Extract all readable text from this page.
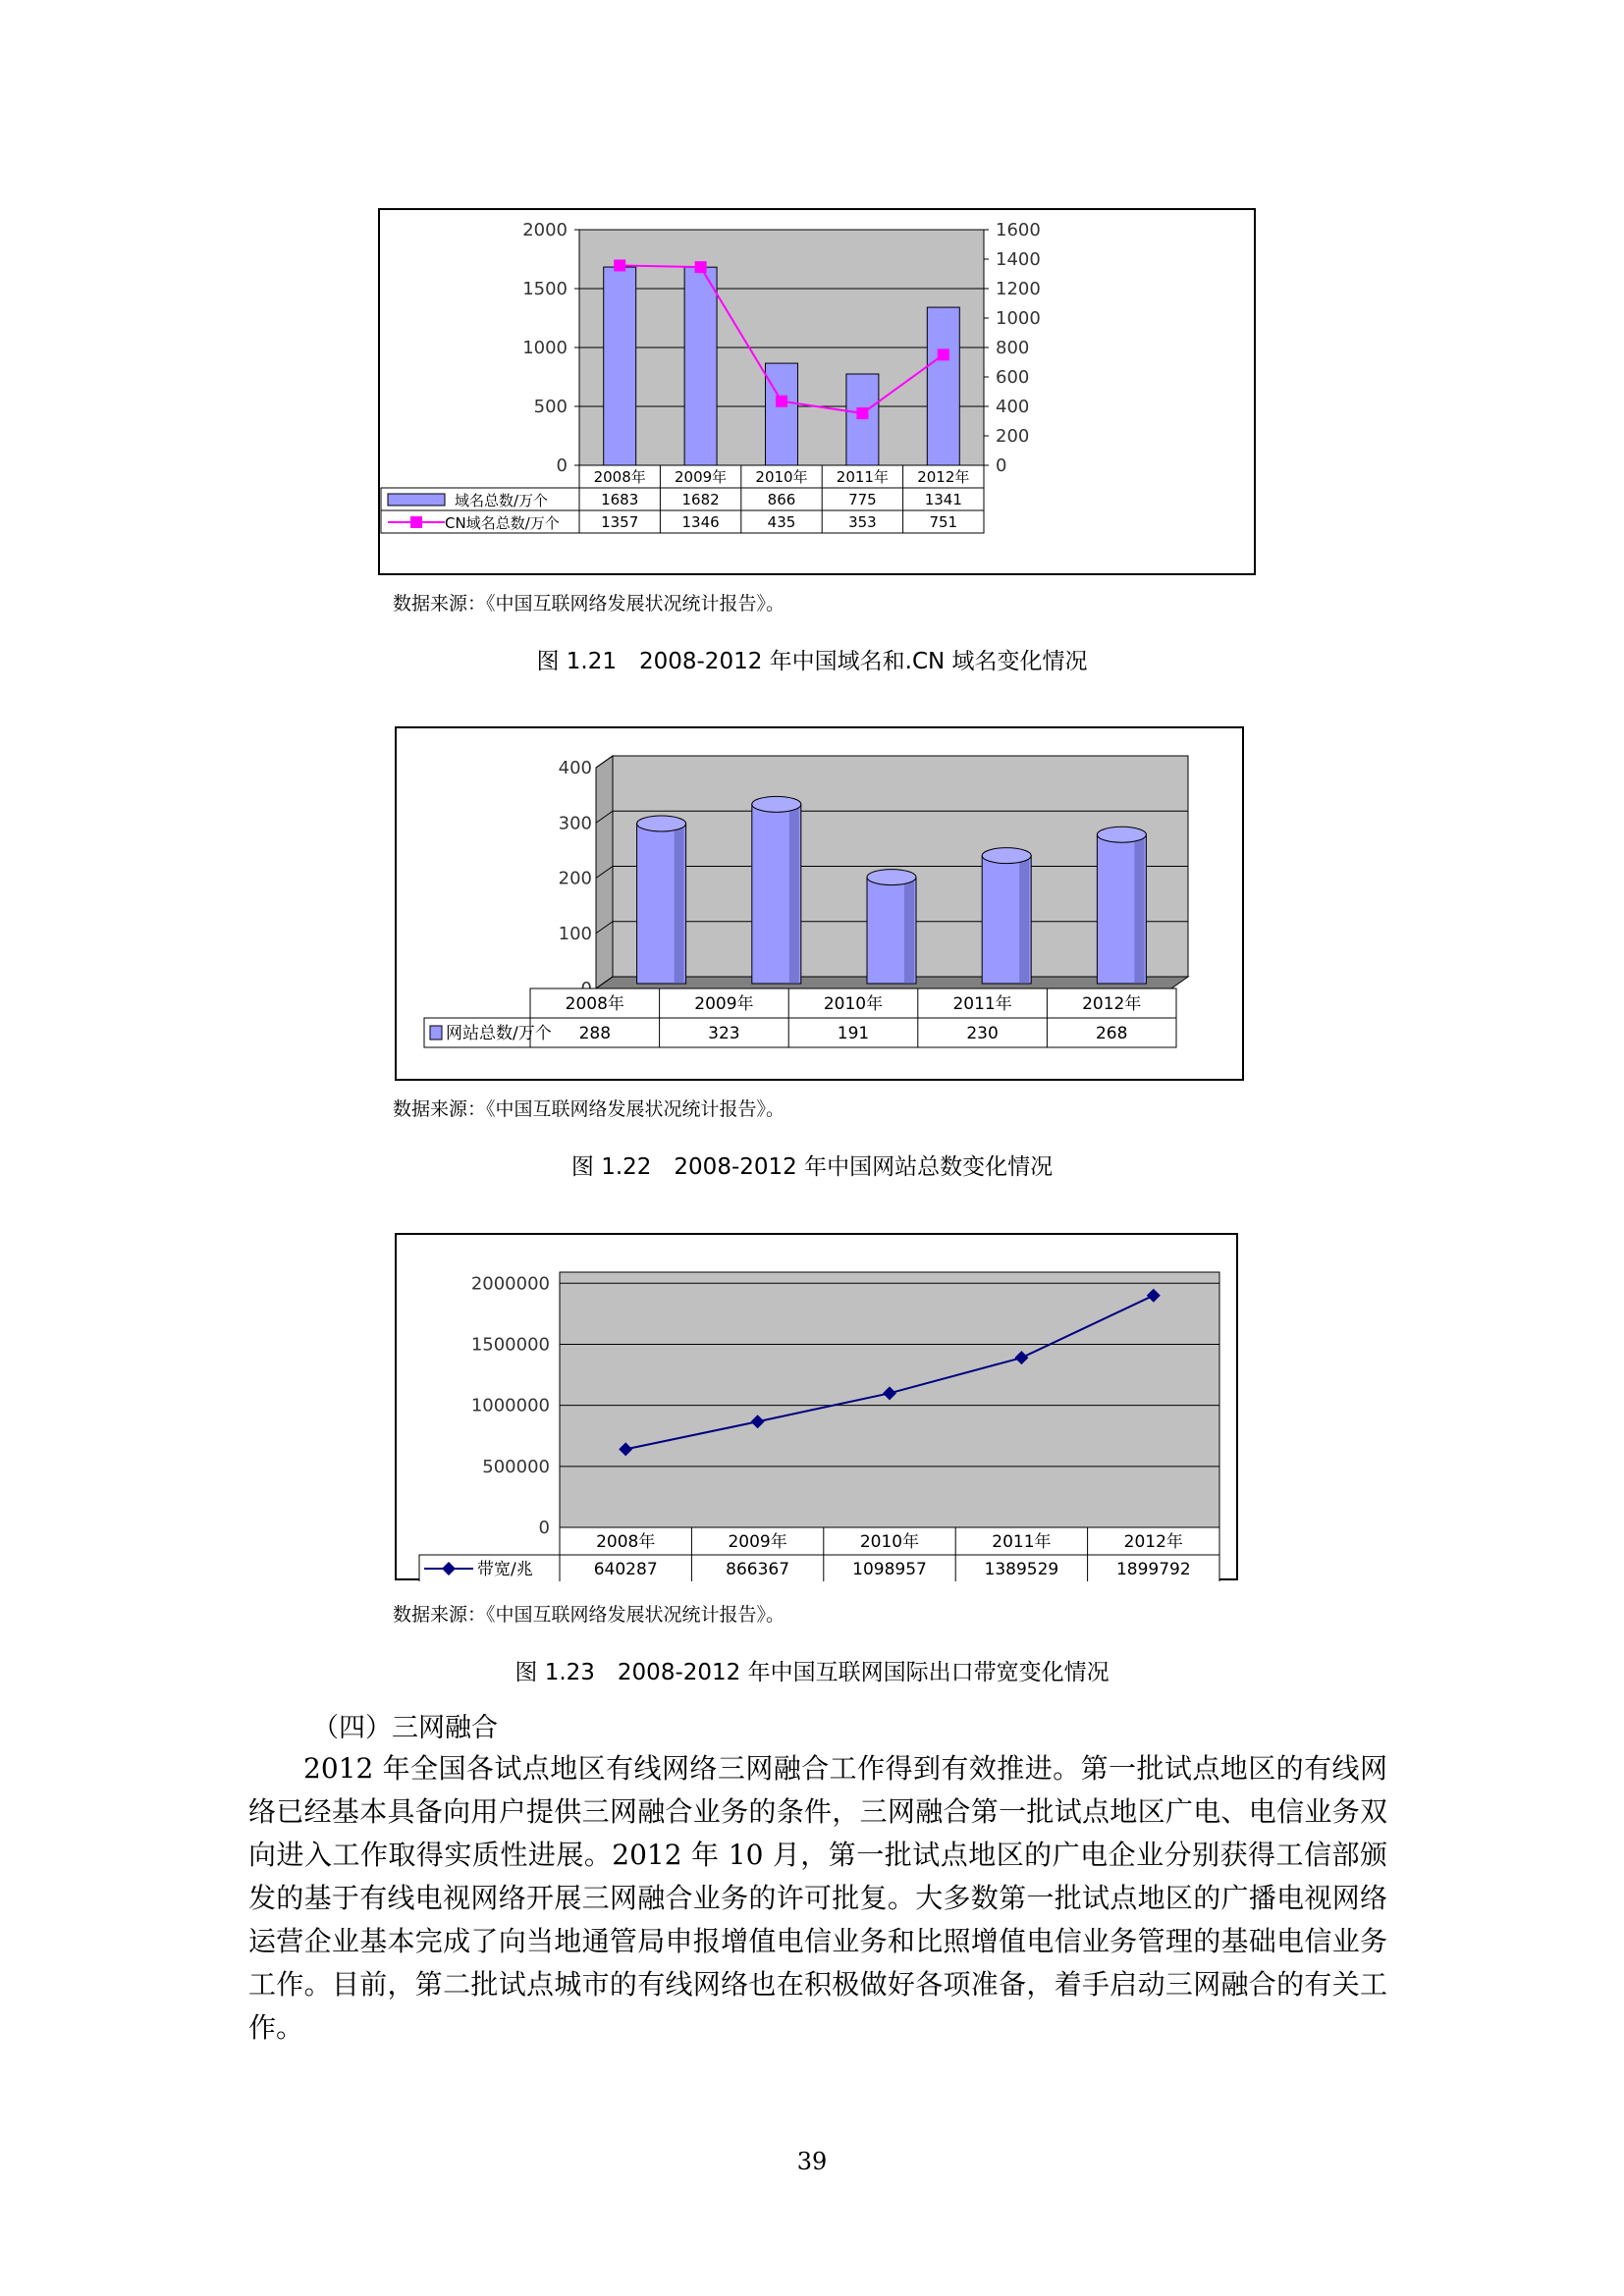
0
500
1000
1500
2000
0
200
400
600
800
1000
1200
1400
1600
2008年 2009年 2010年 2011年 2012年
1683	1682	866	775	1341
1357	1346	435	353	751
域名总数/万个
CN域名总数/万个
数据来源：《中国互联网络发展状况统计报告》。
图 1.21　2008-2012 年中国域名和.CN 域名变化情况
100
200
300
400
2008年	2009年	2010年	2011年	2012年
288	323	191	230	268
网站总数/万个
数据来源：《中国互联网络发展状况统计报告》。
图 1.22　2008-2012 年中国网站总数变化情况
0
500000
1000000
1500000
2000000
2008年	2009年	2010年	2011年	2012年
640287	866367	1098957	1389529	1899792
带宽/兆
数据来源：《中国互联网络发展状况统计报告》。
图 1.23　2008-2012 年中国互联网国际出口带宽变化情况
（四）三网融合

2012 年全国各试点地区有线网络三网融合工作得到有效推进。第一批试点地区的有线网络已经基本具备向用户提供三网融合业务的条件，三网融合第一批试点地区广电、电信业务双向进入工作取得实质性进展。2012 年 10 月，第一批试点地区的广电企业分别获得工信部颁发的基于有线电视网络开展三网融合业务的许可批复。大多数第一批试点地区的广播电视网络运营企业基本完成了向当地通管局申报增值电信业务和比照增值电信业务管理的基础电信业务工作。目前，第二批试点城市的有线网络也在积极做好各项准备，着手启动三网融合的有关工作。

39
